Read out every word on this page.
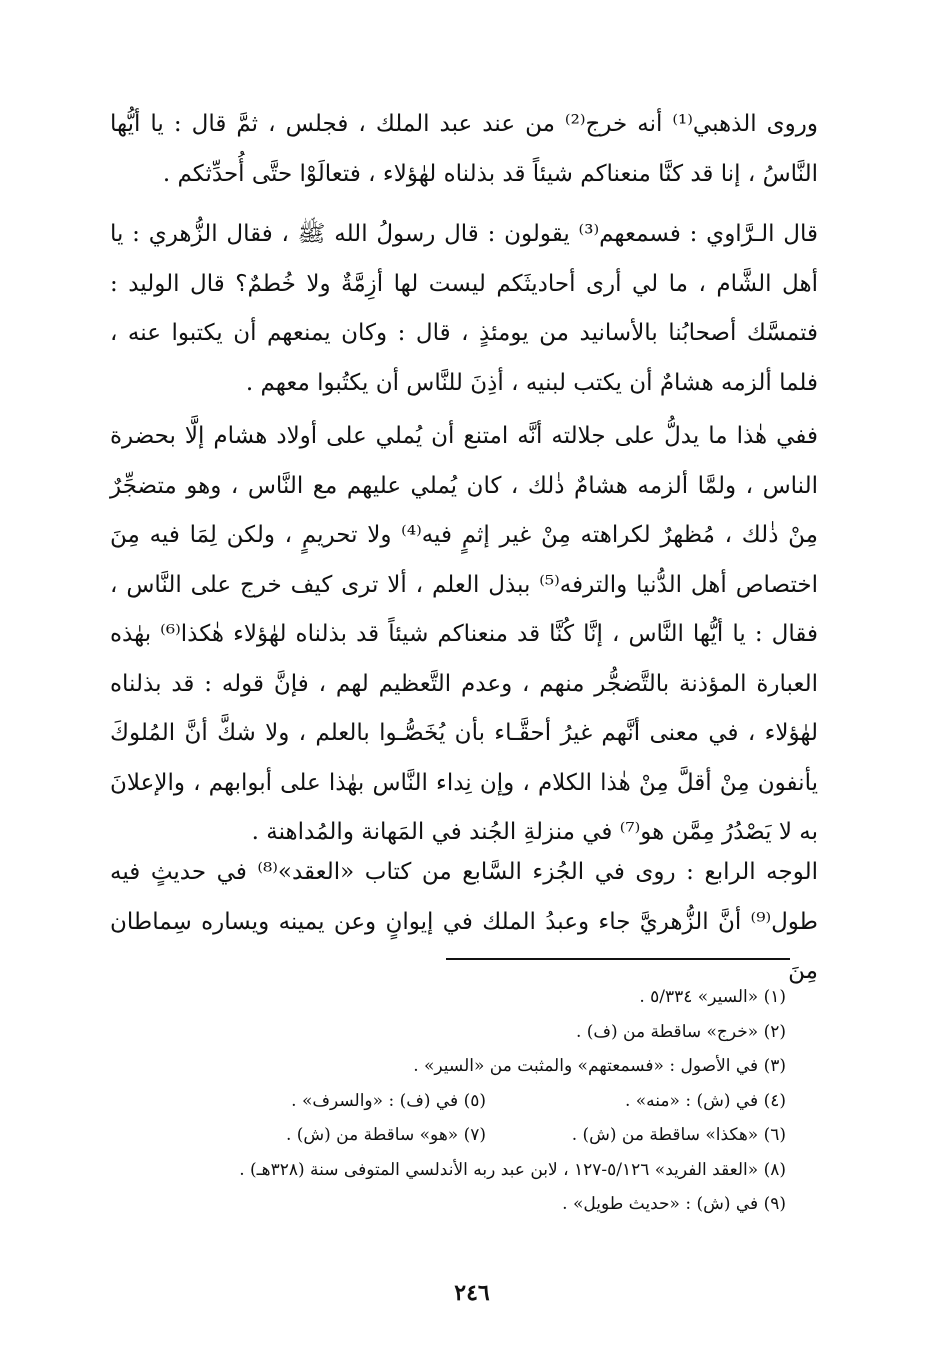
وروى الذهبي⁽¹⁾ أنه خرج⁽²⁾ من عند عبد الملك ، فجلس ، ثمَّ قال : يا أيُّها النَّاسُ ، إنا قد كنَّا منعناكم شيئاً قد بذلناه لهٰؤلاء ، فتعالَوْا حتَّى أُحدِّثكم .

قال الـرَّاوي : فسمعهم⁽³⁾ يقولون : قال رسولُ الله ﷺ ، فقال الزُّهري : يا أهل الشَّام ، ما لي أرى أحاديثَكم ليست لها أزِمَّةٌ ولا خُطمٌ؟ قال الوليد : فتمسَّك أصحابُنا بالأسانيد من يومئذٍ ، قال : وكان يمنعهم أن يكتبوا عنه ، فلما ألزمه هشامٌ أن يكتب لبنيه ، أذِنَ للنَّاس أن يكتُبوا معهم .

ففي هٰذا ما يدلُّ على جلالته أنَّه امتنع أن يُملي على أولاد هشام إلَّا بحضرة الناس ، ولمَّا ألزمه هشامٌ ذٰلك ، كان يُملي عليهم مع النَّاس ، وهو متضجِّرٌ مِنْ ذٰلك ، مُظهرٌ لكراهته مِنْ غير إثمٍ فيه⁽⁴⁾ ولا تحريمٍ ، ولكن لِمَا فيه مِنَ اختصاص أهل الدُّنيا والترفه⁽⁵⁾ ببذل العلم ، ألا ترى كيف خرج على النَّاس ، فقال : يا أيُّها النَّاس ، إنَّا كُنَّا قد منعناكم شيئاً قد بذلناه لهٰؤلاء هٰكذا⁽⁶⁾ بهٰذه العبارة المؤذنة بالتَّضجُّر منهم ، وعدم التَّعظيم لهم ، فإنَّ قوله : قد بذلناه لهٰؤلاء ، في معنى أنَّهم غيرُ أحقَّـاء بأن يُخَصُّـوا بالعلم ، ولا شكَّ أنَّ المُلوكَ يأنفون مِنْ أقلَّ مِنْ هٰذا الكلام ، وإن نِداء النَّاس بهٰذا على أبوابهم ، والإعلانَ به لا يَصْدُرُ مِمَّن هو⁽⁷⁾ في منزلةِ الجُند في المَهانة والمُداهنة .

الوجه الرابع : روى في الجُزء السَّابع من كتاب «العقد»⁽⁸⁾ في حديثٍ فيه طول⁽⁹⁾ أنَّ الزُّهريَّ جاء وعبدُ الملك في إيوانٍ وعن يمينه ويساره سِماطان مِنَ

(١) «السير» ٥/٣٣٤ .
(٢) «خرج» ساقطة من (ف) .
(٣) في الأصول : «فسمعتهم» والمثبت من «السير» .
(٤) في (ش) : «منه» .
(٥) في (ف) : «والسرف» .
(٦) «هكذا» ساقطة من (ش) .
(٧) «هو» ساقطة من (ش) .
(٨) «العقد الفريد» ٥/١٢٦-١٢٧ ، لابن عبد ربه الأندلسي المتوفى سنة (٣٢٨هـ) .
(٩) في (ش) : «حديث طويل» .
٢٤٦
